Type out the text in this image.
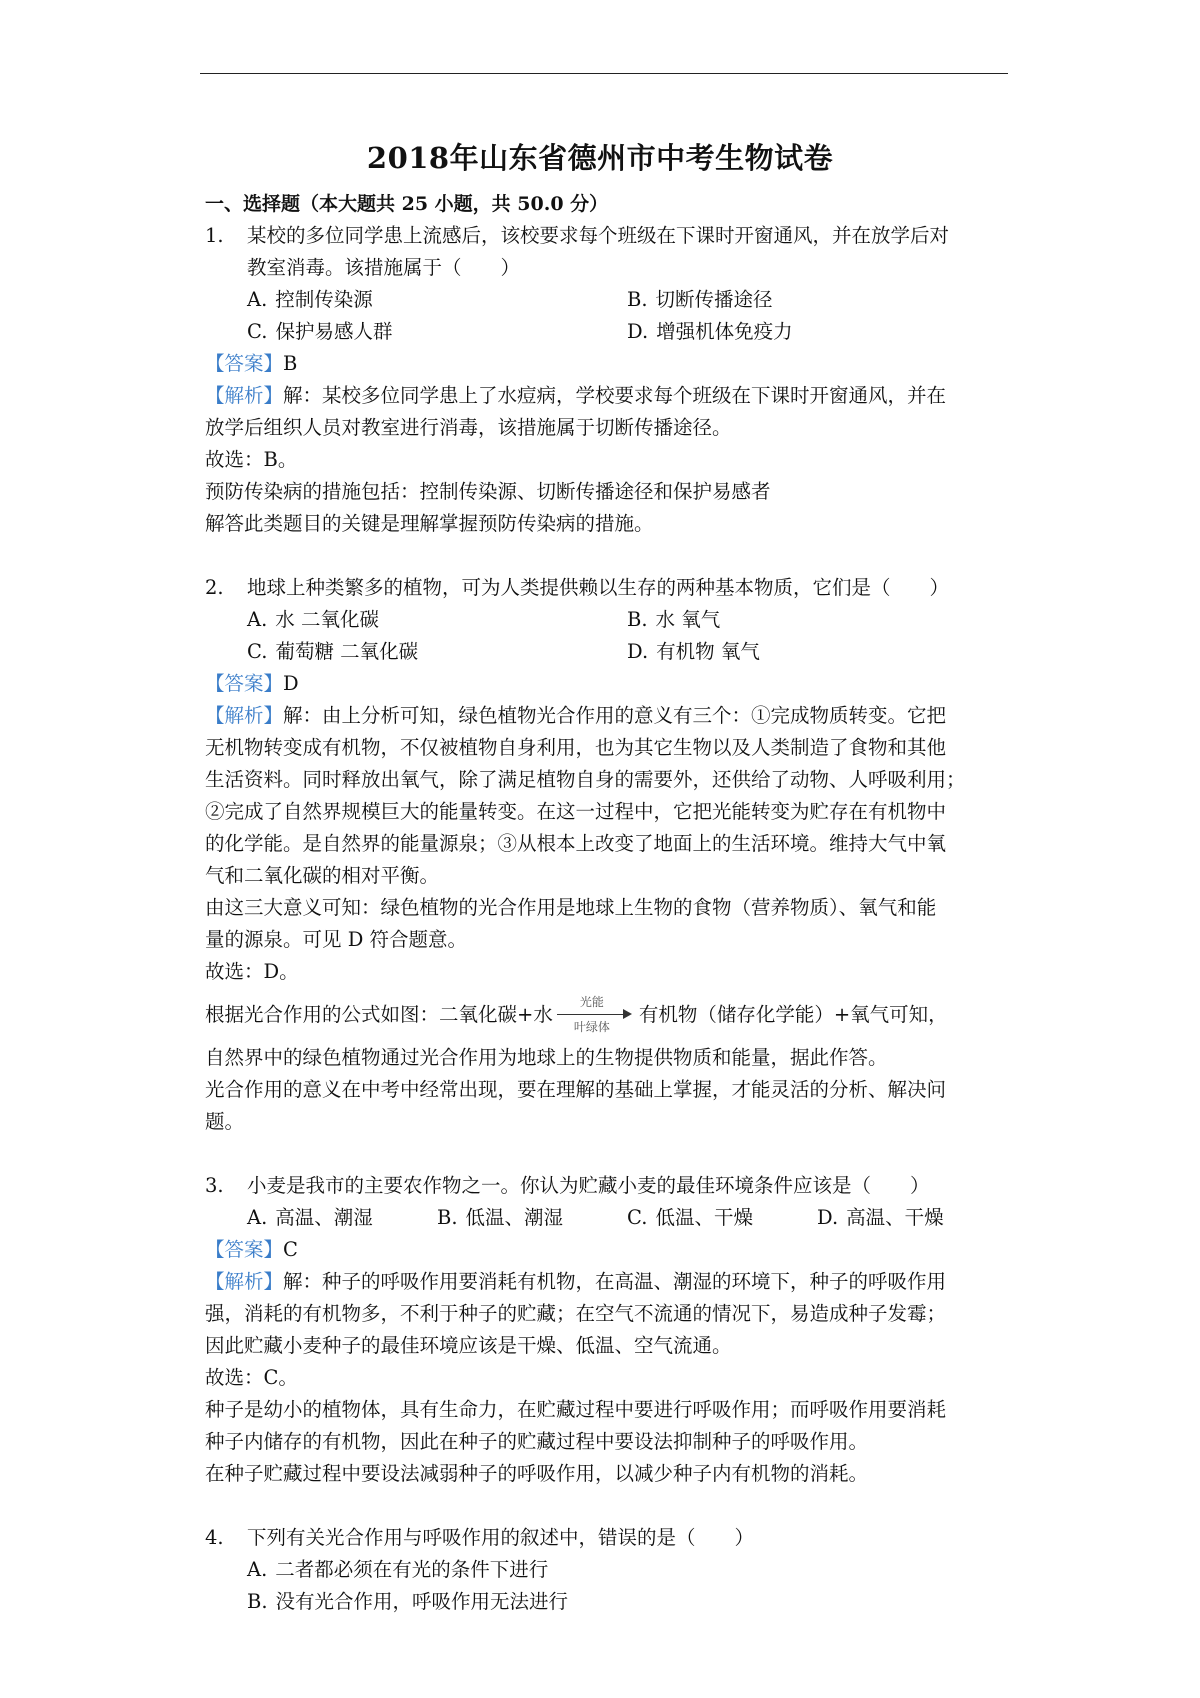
2018年山东省德州市中考生物试卷
一、选择题（本大题共 25 小题，共 50.0 分）
1.	某校的多位同学患上流感后，该校要求每个班级在下课时开窗通风，并在放学后对
教室消毒。该措施属于（　　）
A. 控制传染源	B. 切断传播途径
C. 保护易感人群	D. 增强机体免疫力
【答案】B
【解析】解：某校多位同学患上了水痘病，学校要求每个班级在下课时开窗通风，并在
放学后组织人员对教室进行消毒，该措施属于切断传播途径。
故选：B。
预防传染病的措施包括：控制传染源、切断传播途径和保护易感者
解答此类题目的关键是理解掌握预防传染病的措施。
2.	地球上种类繁多的植物，可为人类提供赖以生存的两种基本物质，它们是（　　）
A. 水 二氧化碳	B. 水 氧气
C. 葡萄糖 二氧化碳	D. 有机物 氧气
【答案】D
【解析】解：由上分析可知，绿色植物光合作用的意义有三个：①完成物质转变。它把
无机物转变成有机物，不仅被植物自身利用，也为其它生物以及人类制造了食物和其他
生活资料。同时释放出氧气，除了满足植物自身的需要外，还供给了动物、人呼吸利用；
②完成了自然界规模巨大的能量转变。在这一过程中，它把光能转变为贮存在有机物中
的化学能。是自然界的能量源泉；③从根本上改变了地面上的生活环境。维持大气中氧
气和二氧化碳的相对平衡。
由这三大意义可知：绿色植物的光合作用是地球上生物的食物（营养物质）、氧气和能
量的源泉。可见 D 符合题意。
故选：D。
根据光合作用的公式如图：二氧化碳+水
光能
叶绿体
有机物（储存化学能）+氧气可知，
自然界中的绿色植物通过光合作用为地球上的生物提供物质和能量，据此作答。
光合作用的意义在中考中经常出现，要在理解的基础上掌握，才能灵活的分析、解决问
题。
3.	小麦是我市的主要农作物之一。你认为贮藏小麦的最佳环境条件应该是（　　）
A. 高温、潮湿	B. 低温、潮湿	C. 低温、干燥	D. 高温、干燥
【答案】C
【解析】解：种子的呼吸作用要消耗有机物，在高温、潮湿的环境下，种子的呼吸作用
强，消耗的有机物多，不利于种子的贮藏；在空气不流通的情况下，易造成种子发霉；
因此贮藏小麦种子的最佳环境应该是干燥、低温、空气流通。
故选：C。
种子是幼小的植物体，具有生命力，在贮藏过程中要进行呼吸作用；而呼吸作用要消耗
种子内储存的有机物，因此在种子的贮藏过程中要设法抑制种子的呼吸作用。
在种子贮藏过程中要设法减弱种子的呼吸作用，以减少种子内有机物的消耗。
4.	下列有关光合作用与呼吸作用的叙述中，错误的是（　　）
A. 二者都必须在有光的条件下进行
B. 没有光合作用，呼吸作用无法进行
